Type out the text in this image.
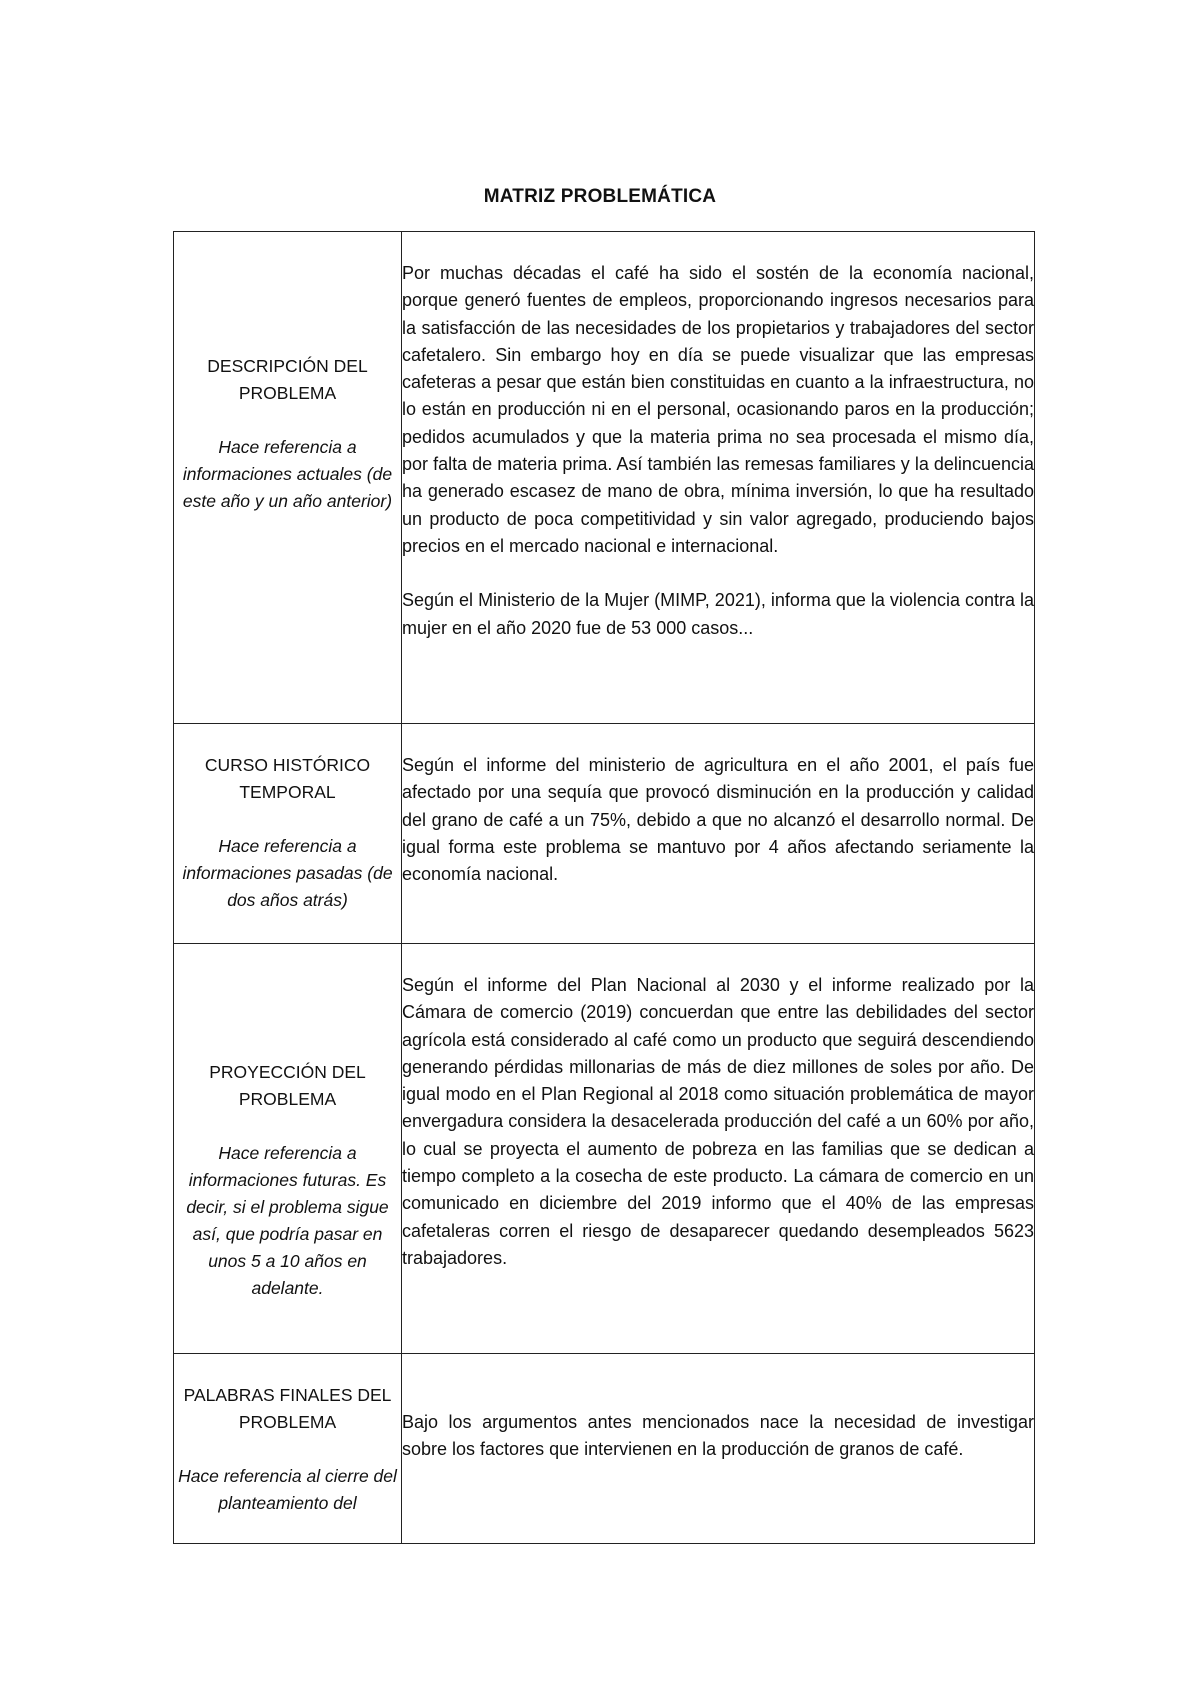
MATRIZ PROBLEMÁTICA
DESCRIPCIÓN DEL PROBLEMA
Hace referencia a informaciones actuales (de este año y un año anterior)	Por muchas décadas el café ha sido el sostén de la economía nacional, porque generó fuentes de empleos, proporcionando ingresos necesarios para la satisfacción de las necesidades de los propietarios y trabajadores del sector cafetalero. Sin embargo hoy en día se puede visualizar que las empresas cafeteras a pesar que están bien constituidas en cuanto a la infraestructura, no lo están en producción ni en el personal, ocasionando paros en la producción; pedidos acumulados y que la materia prima no sea procesada el mismo día, por falta de materia prima. Así también las remesas familiares y la delincuencia ha generado escasez de mano de obra, mínima inversión, lo que ha resultado un producto de poca competitividad y sin valor agregado, produciendo bajos precios en el mercado nacional e internacional.
Según el Ministerio de la Mujer (MIMP, 2021), informa que la violencia contra la mujer en el año 2020 fue de 53 000 casos...

CURSO HISTÓRICO TEMPORAL
Hace referencia a informaciones pasadas (de dos años atrás)	Según el informe del ministerio de agricultura en el año 2001, el país fue afectado por una sequía que provocó disminución en la producción y calidad del grano de café a un 75%, debido a que no alcanzó el desarrollo normal. De igual forma este problema se mantuvo por 4 años afectando seriamente la economía nacional.

PROYECCIÓN DEL PROBLEMA
Hace referencia a informaciones futuras. Es decir, si el problema sigue así, que podría pasar en unos 5 a 10 años en adelante.	Según el informe del Plan Nacional al 2030 y el informe realizado por la Cámara de comercio (2019) concuerdan que entre las debilidades del sector agrícola está considerado al café como un producto que seguirá descendiendo generando pérdidas millonarias de más de diez millones de soles por año. De igual modo en el Plan Regional al 2018 como situación problemática de mayor envergadura considera la desacelerada producción del café a un 60% por año, lo cual se proyecta el aumento de pobreza en las familias que se dedican a tiempo completo a la cosecha de este producto. La cámara de comercio en un comunicado en diciembre del 2019 informo que el 40% de las empresas cafetaleras corren el riesgo de desaparecer quedando desempleados 5623 trabajadores.

PALABRAS FINALES DEL PROBLEMA
Hace referencia al cierre del planteamiento del	Bajo los argumentos antes mencionados nace la necesidad de investigar sobre los factores que intervienen en la producción de granos de café.
